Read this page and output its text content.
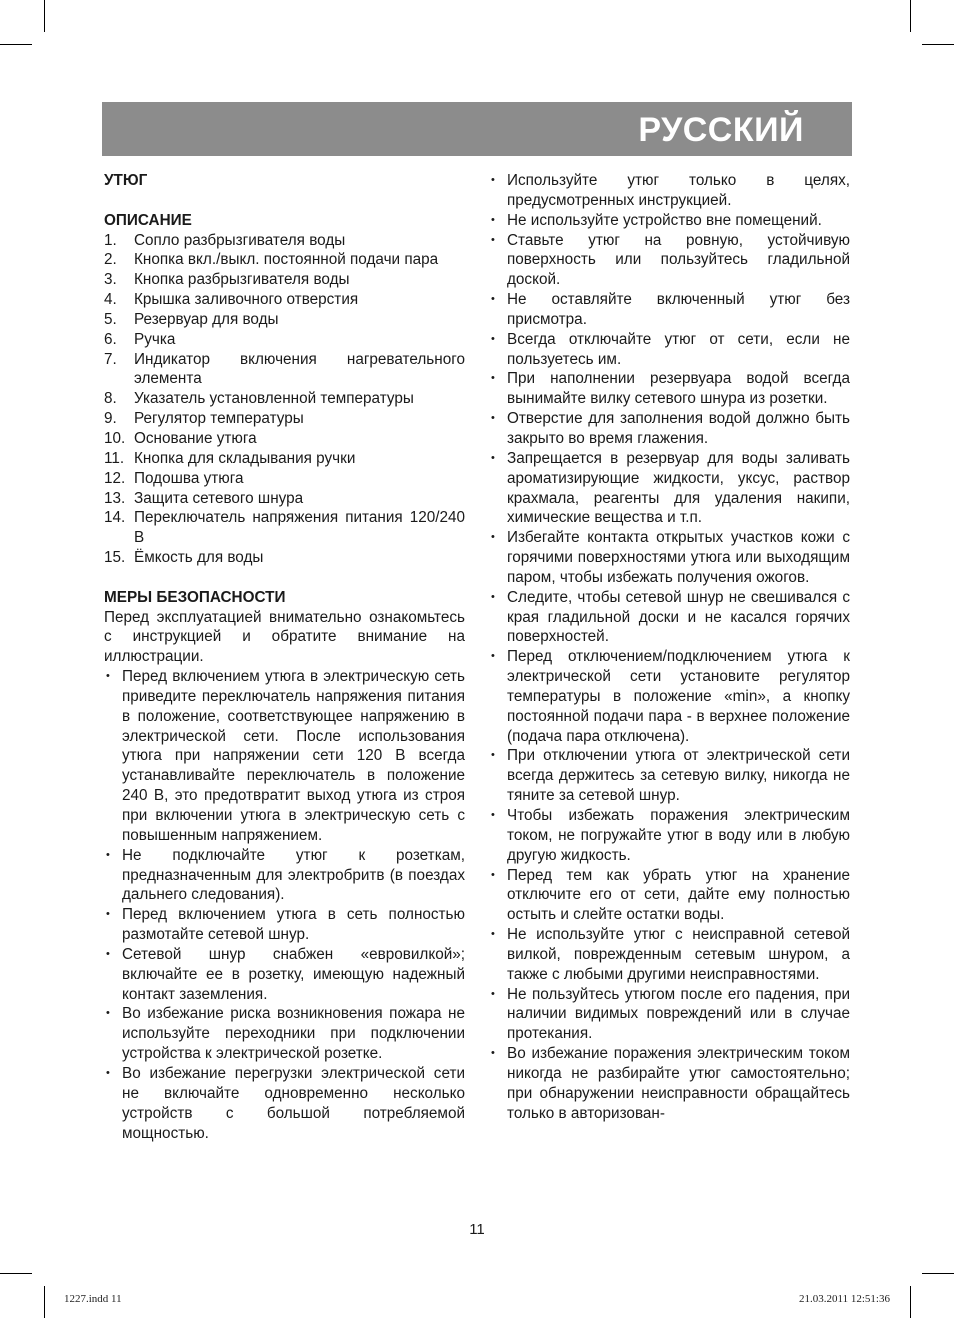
РУССКИЙ
УТЮГ
ОПИСАНИЕ
1.	Сопло разбрызгивателя воды
2.	Кнопка вкл./выкл. постоянной подачи пара
3.	Кнопка разбрызгивателя воды
4.	Крышка заливочного отверстия
5.	Резервуар для воды
6.	Ручка
7.	Индикатор включения нагревательного элемента
8.	Указатель установленной температуры
9.	Регулятор температуры
10. Основание утюга
11. Кнопка для складывания ручки
12. Подошва утюга
13. Защита сетевого шнура
14. Переключатель напряжения питания 120/240 В
15. Ёмкость для воды
МЕРЫ БЕЗОПАСНОСТИ
Перед эксплуатацией внимательно ознакомьтесь с инструкцией и обратите внимание на иллюстрации.
• Перед включением утюга в электрическую сеть приведите переключатель напряжения питания в положение, соответствующее напряжению в электрической сети. После использования утюга при напряжении сети 120 В всегда устанавливайте переключатель в положение 240 В, это предотвратит выход утюга из строя при включении утюга в электрическую сеть с повышенным напряжением.
• Не подключайте утюг к розеткам, предназначенным для электробритв (в поездах дальнего следования).
• Перед включением утюга в сеть полностью размотайте сетевой шнур.
• Сетевой шнур снабжен «евровилкой»; включайте ее в розетку, имеющую надежный контакт заземления.
• Во избежание риска возникновения пожара не используйте переходники при подключении устройства к электрической розетке.
• Во избежание перегрузки электрической сети не включайте одновременно несколько устройств с большой потребляемой мощностью.
• Используйте утюг только в целях, предусмотренных инструкцией.
• Не используйте устройство вне помещений.
• Ставьте утюг на ровную, устойчивую поверхность или пользуйтесь гладильной доской.
• Не оставляйте включенный утюг без присмотра.
• Всегда отключайте утюг от сети, если не пользуетесь им.
• При наполнении резервуара водой всегда вынимайте вилку сетевого шнура из розетки.
• Отверстие для заполнения водой должно быть закрыто во время глажения.
• Запрещается в резервуар для воды заливать ароматизирующие жидкости, уксус, раствор крахмала, реагенты для удаления накипи, химические вещества и т.п.
• Избегайте контакта открытых участков кожи с горячими поверхностями утюга или выходящим паром, чтобы избежать получения ожогов.
• Следите, чтобы сетевой шнур не свешивался с края гладильной доски и не касался горячих поверхностей.
• Перед отключением/подключением утюга к электрической сети установите регулятор температуры в положение «min», а кнопку постоянной подачи пара - в верхнее положение (подача пара отключена).
• При отключении утюга от электрической сети всегда держитесь за сетевую вилку, никогда не тяните за сетевой шнур.
• Чтобы избежать поражения электрическим током, не погружайте утюг в воду или в любую другую жидкость.
• Перед тем как убрать утюг на хранение отключите его от сети, дайте ему полностью остыть и слейте остатки воды.
• Не используйте утюг с неисправной сетевой вилкой, поврежденным сетевым шнуром, а также с любыми другими неисправностями.
• Не пользуйтесь утюгом после его падения, при наличии видимых повреждений или в случае протекания.
• Во избежание поражения электрическим током никогда не разбирайте утюг самостоятельно; при обнаружении неисправности обращайтесь только в авторизован-
11
1227.indd 11	21.03.2011 12:51:36
